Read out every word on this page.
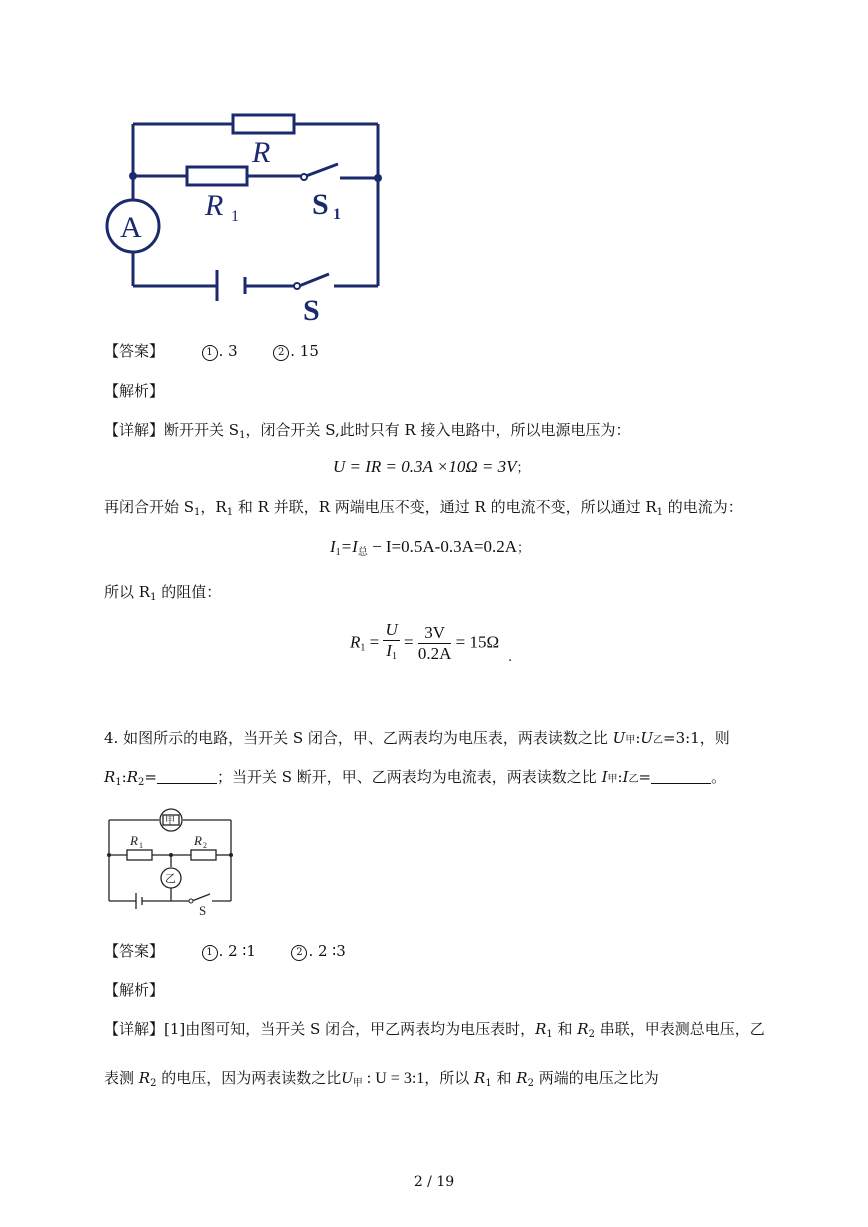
R
R 1 S 1
A
S
【答案】	1 . 3	2 . 15
【解析】
【详解】断开开关 $S_1$，闭合开关 S,此时只有 R 接入电路中，所以电源电压为：
U = IR = 0.3A ×10Ω = 3V；
再闭合开始 $S_1$，$R_1$ 和 R 并联，R 两端电压不变，通过 R 的电流不变，所以通过 $R_1$ 的电流为：
$I_1=I_总 - I=0.5A-0.3A=0.2A$；
所以 $R_1$ 的阻值：
$R_1 = \frac{U}{I_1} = \frac{3V}{0.2A} = 15\Omega$
.
4. 如图所示的电路，当开关 S 闭合，甲、乙两表均为电压表，两表读数之比 U甲:U乙=3:1，则
$R_1:R_2=$	；当开关 S 断开，甲、乙两表均为电流表，两表读数之比 I甲:I乙=	。
甲
乙
R 1	R 2
S
【答案】	1 . 2 ∶1	2 . 2 ∶3
【解析】
【详解】[1]由图可知，当开关 S 闭合，甲乙两表均为电压表时，$R_1$ 和 $R_2$ 串联，甲表测总电压，乙
表测 $R_2$ 的电压，因为两表读数之比$U_甲$ : U = 3:1，所以 $R_1$ 和 $R_2$ 两端的电压之比为
2 / 19
